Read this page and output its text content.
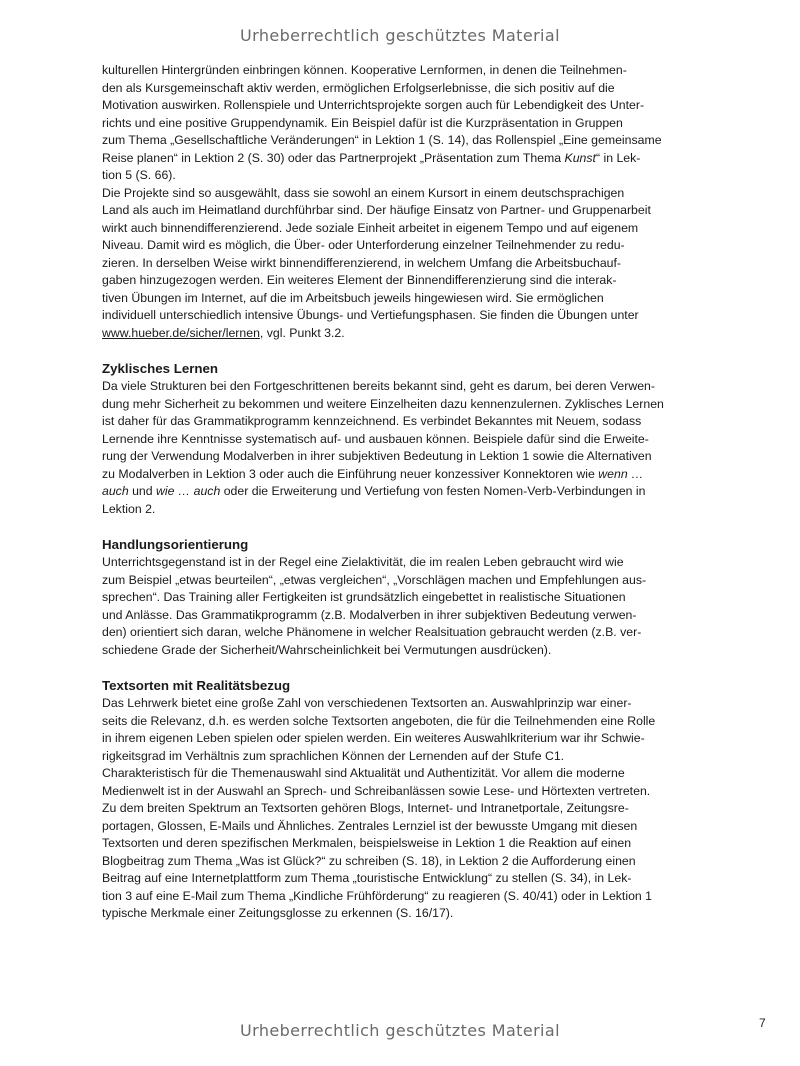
Urheberrechtlich geschütztes Material
kulturellen Hintergründen einbringen können. Kooperative Lernformen, in denen die Teilnehmen-
den als Kursgemeinschaft aktiv werden, ermöglichen Erfolgserlebnisse, die sich positiv auf die
Motivation auswirken. Rollenspiele und Unterrichtsprojekte sorgen auch für Lebendigkeit des Unter-
richts und eine positive Gruppendynamik. Ein Beispiel dafür ist die Kurzpräsentation in Gruppen
zum Thema „Gesellschaftliche Veränderungen“ in Lektion 1 (S. 14), das Rollenspiel „Eine gemeinsame
Reise planen“ in Lektion 2 (S. 30) oder das Partnerprojekt „Präsentation zum Thema Kunst“ in Lek-
tion 5 (S. 66).
Die Projekte sind so ausgewählt, dass sie sowohl an einem Kursort in einem deutschsprachigen
Land als auch im Heimatland durchführbar sind. Der häufige Einsatz von Partner- und Gruppenarbeit
wirkt auch binnendifferenzierend. Jede soziale Einheit arbeitet in eigenem Tempo und auf eigenem
Niveau. Damit wird es möglich, die Über- oder Unterforderung einzelner Teilnehmender zu redu-
zieren. In derselben Weise wirkt binnendifferenzierend, in welchem Umfang die Arbeitsbuchauf-
gaben hinzugezogen werden. Ein weiteres Element der Binnendifferenzierung sind die interak-
tiven Übungen im Internet, auf die im Arbeitsbuch jeweils hingewiesen wird. Sie ermöglichen
individuell unterschiedlich intensive Übungs- und Vertiefungsphasen. Sie finden die Übungen unter
www.hueber.de/sicher/lernen, vgl. Punkt 3.2.
Zyklisches Lernen
Da viele Strukturen bei den Fortgeschrittenen bereits bekannt sind, geht es darum, bei deren Verwen-
dung mehr Sicherheit zu bekommen und weitere Einzelheiten dazu kennenzulernen. Zyklisches Lernen
ist daher für das Grammatikprogramm kennzeichnend. Es verbindet Bekanntes mit Neuem, sodass
Lernende ihre Kenntnisse systematisch auf- und ausbauen können. Beispiele dafür sind die Erweite-
rung der Verwendung Modalverben in ihrer subjektiven Bedeutung in Lektion 1 sowie die Alternativen
zu Modalverben in Lektion 3 oder auch die Einführung neuer konzessiver Konnektoren wie wenn …
auch und wie … auch oder die Erweiterung und Vertiefung von festen Nomen-Verb-Verbindungen in
Lektion 2.
Handlungsorientierung
Unterrichtsgegenstand ist in der Regel eine Zielaktivität, die im realen Leben gebraucht wird wie
zum Beispiel „etwas beurteilen“, „etwas vergleichen“, „Vorschlägen machen und Empfehlungen aus-
sprechen“. Das Training aller Fertigkeiten ist grundsätzlich eingebettet in realistische Situationen
und Anlässe. Das Grammatikprogramm (z.B. Modalverben in ihrer subjektiven Bedeutung verwen-
den) orientiert sich daran, welche Phänomene in welcher Realsituation gebraucht werden (z.B. ver-
schiedene Grade der Sicherheit/Wahrscheinlichkeit bei Vermutungen ausdrücken).
Textsorten mit Realitätsbezug
Das Lehrwerk bietet eine große Zahl von verschiedenen Textsorten an. Auswahlprinzip war einer-
seits die Relevanz, d.h. es werden solche Textsorten angeboten, die für die Teilnehmenden eine Rolle
in ihrem eigenen Leben spielen oder spielen werden. Ein weiteres Auswahlkriterium war ihr Schwie-
rigkeitsgrad im Verhältnis zum sprachlichen Können der Lernenden auf der Stufe C1.
Charakteristisch für die Themenauswahl sind Aktualität und Authentizität. Vor allem die moderne
Medienwelt ist in der Auswahl an Sprech- und Schreibanlässen sowie Lese- und Hörtexten vertreten.
Zu dem breiten Spektrum an Textsorten gehören Blogs, Internet- und Intranetportale, Zeitungsre-
portagen, Glossen, E-Mails und Ähnliches. Zentrales Lernziel ist der bewusste Umgang mit diesen
Textsorten und deren spezifischen Merkmalen, beispielsweise in Lektion 1 die Reaktion auf einen
Blogbeitrag zum Thema „Was ist Glück?“ zu schreiben (S. 18), in Lektion 2 die Aufforderung einen
Beitrag auf eine Internetplattform zum Thema „touristische Entwicklung“ zu stellen (S. 34), in Lek-
tion 3 auf eine E-Mail zum Thema „Kindliche Frühförderung“ zu reagieren (S. 40/41) oder in Lektion 1
typische Merkmale einer Zeitungsglosse zu erkennen (S. 16/17).
Urheberrechtlich geschütztes Material	7
